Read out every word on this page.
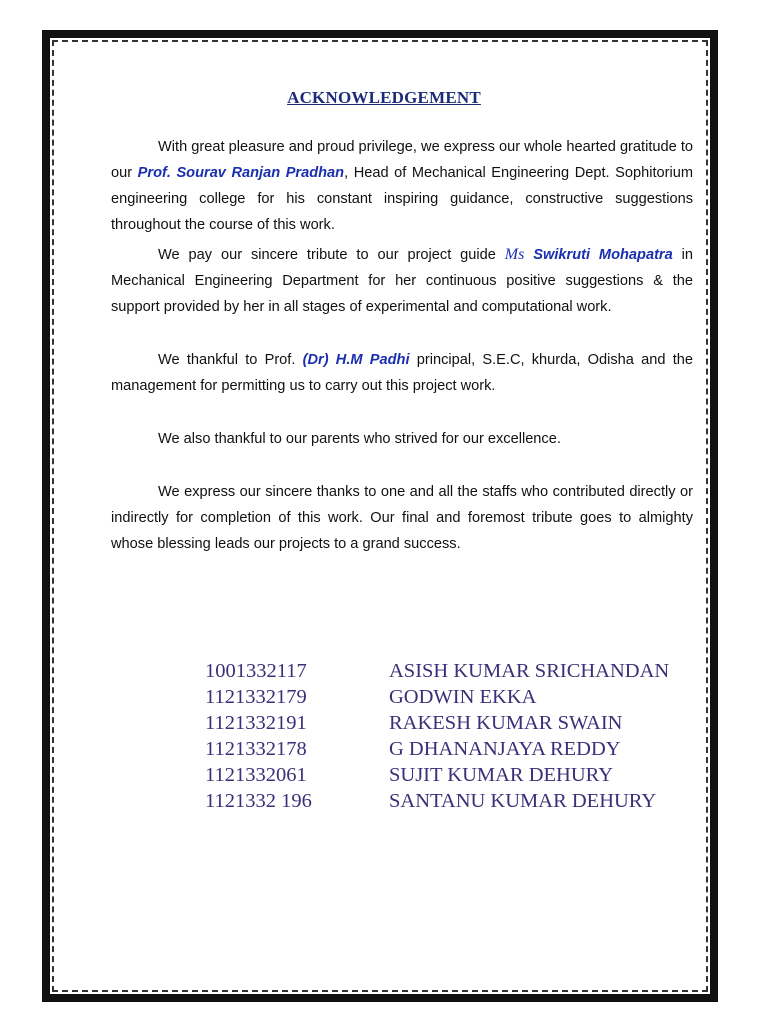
ACKNOWLEDGEMENT

With great pleasure and proud privilege, we express our whole hearted gratitude to our Prof. Sourav Ranjan Pradhan, Head of Mechanical Engineering Dept. Sophitorium engineering college for his constant inspiring guidance, constructive suggestions throughout the course of this work.

We pay our sincere tribute to our project guide Ms Swikruti Mohapatra in Mechanical Engineering Department for her continuous positive suggestions & the support provided by her in all stages of experimental and computational work.

We thankful to Prof. (Dr) H.M Padhi principal, S.E.C, khurda, Odisha and the management for permitting us to carry out this project work.

We also thankful to our parents who strived for our excellence.

We express our sincere thanks to one and all the staffs who contributed directly or indirectly for completion of this work. Our final and foremost tribute goes to almighty whose blessing leads our projects to a grand success.

1001332117	ASISH KUMAR SRICHANDAN
1121332179	GODWIN EKKA
1121332191	RAKESH KUMAR SWAIN
1121332178	G DHANANJAYA REDDY
1121332061	SUJIT KUMAR DEHURY
1121332 196	SANTANU KUMAR DEHURY
